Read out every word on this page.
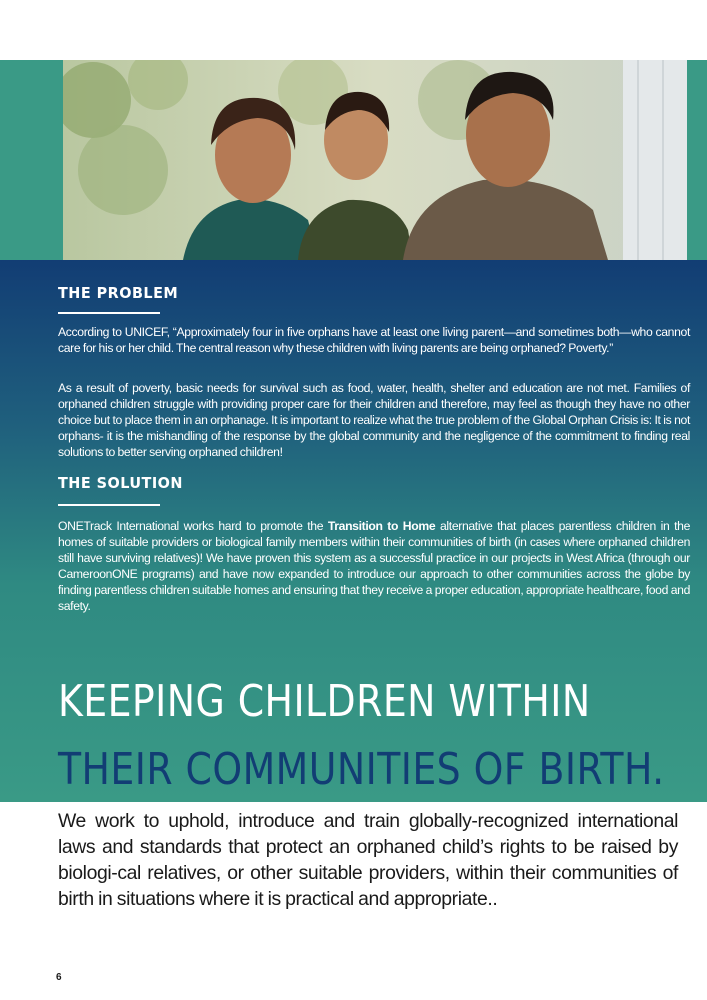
THE PROBLEM

According to UNICEF, “Approximately four in five orphans have at least one living parent—and sometimes both—who cannot care for his or her child. The central reason why these children with living parents are being orphaned? Poverty.”

As a result of poverty, basic needs for survival such as food, water, health, shelter and education are not met. Families of orphaned children struggle with providing proper care for their children and therefore, may feel as though they have no other choice but to place them in an orphanage. It is important to realize what the true problem of the Global Orphan Crisis is: It is not orphans- it is the mishandling of the response by the global community and the negligence of the commitment to finding real solutions to better serving orphaned children!

THE SOLUTION

ONETrack International works hard to promote the Transition to Home alternative that places parentless children in the homes of suitable providers or biological family members within their communities of birth (in cases where orphaned children still have surviving relatives)! We have proven this system as a successful practice in our projects in West Africa (through our CameroonONE programs) and have now expanded to introduce our approach to other communities across the globe by finding parentless children suitable homes and ensuring that they receive a proper education, appropriate healthcare, food and safety.

KEEPING CHILDREN WITHIN
THEIR COMMUNITIES OF BIRTH.

We work to uphold, introduce and train globally-recognized international laws and standards that protect an orphaned child’s rights to be raised by biologi-cal relatives, or other suitable providers, within their communities of birth in situations where it is practical and appropriate..

6
